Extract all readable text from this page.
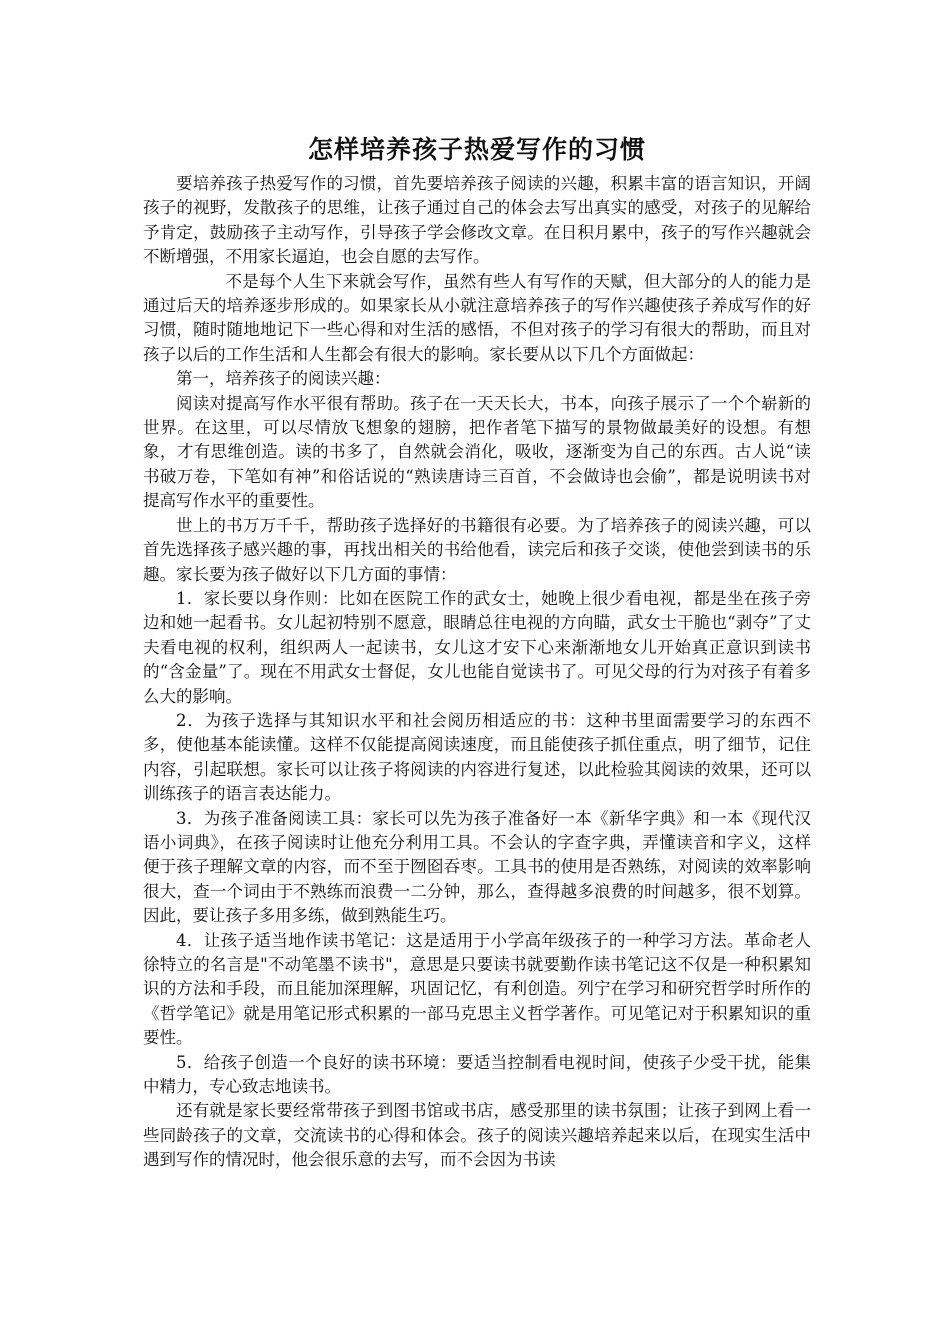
怎样培养孩子热爱写作的习惯

要培养孩子热爱写作的习惯，首先要培养孩子阅读的兴趣，积累丰富的语言知识，开阔孩子的视野，发散孩子的思维，让孩子通过自己的体会去写出真实的感受，对孩子的见解给予肯定，鼓励孩子主动写作，引导孩子学会修改文章。在日积月累中，孩子的写作兴趣就会不断增强，不用家长逼迫，也会自愿的去写作。

不是每个人生下来就会写作，虽然有些人有写作的天赋，但大部分的人的能力是通过后天的培养逐步形成的。如果家长从小就注意培养孩子的写作兴趣使孩子养成写作的好习惯，随时随地地记下一些心得和对生活的感悟，不但对孩子的学习有很大的帮助，而且对孩子以后的工作生活和人生都会有很大的影响。家长要从以下几个方面做起：

第一，培养孩子的阅读兴趣：

阅读对提高写作水平很有帮助。孩子在一天天长大，书本，向孩子展示了一个个崭新的世界。在这里，可以尽情放飞想象的翅膀，把作者笔下描写的景物做最美好的设想。有想象，才有思维创造。读的书多了，自然就会消化，吸收，逐渐变为自己的东西。古人说“读书破万卷，下笔如有神”和俗话说的“熟读唐诗三百首，不会做诗也会偷”，都是说明读书对提高写作水平的重要性。

世上的书万万千千，帮助孩子选择好的书籍很有必要。为了培养孩子的阅读兴趣，可以首先选择孩子感兴趣的事，再找出相关的书给他看，读完后和孩子交谈，使他尝到读书的乐趣。家长要为孩子做好以下几方面的事情：

1．家长要以身作则：比如在医院工作的武女士，她晚上很少看电视，都是坐在孩子旁边和她一起看书。女儿起初特别不愿意，眼睛总往电视的方向瞄，武女士干脆也“剥夺”了丈夫看电视的权利，组织两人一起读书，女儿这才安下心来渐渐地女儿开始真正意识到读书的“含金量”了。现在不用武女士督促，女儿也能自觉读书了。可见父母的行为对孩子有着多么大的影响。

2．为孩子选择与其知识水平和社会阅历相适应的书：这种书里面需要学习的东西不多，使他基本能读懂。这样不仅能提高阅读速度，而且能使孩子抓住重点，明了细节，记住内容，引起联想。家长可以让孩子将阅读的内容进行复述，以此检验其阅读的效果，还可以训练孩子的语言表达能力。

3．为孩子准备阅读工具：家长可以先为孩子准备好一本《新华字典》和一本《现代汉语小词典》，在孩子阅读时让他充分利用工具。不会认的字查字典，弄懂读音和字义，这样便于孩子理解文章的内容，而不至于囫囵吞枣。工具书的使用是否熟练，对阅读的效率影响很大，查一个词由于不熟练而浪费一二分钟，那么，查得越多浪费的时间越多，很不划算。因此，要让孩子多用多练，做到熟能生巧。

4．让孩子适当地作读书笔记：这是适用于小学高年级孩子的一种学习方法。革命老人徐特立的名言是"不动笔墨不读书"，意思是只要读书就要勤作读书笔记这不仅是一种积累知识的方法和手段，而且能加深理解，巩固记忆，有利创造。列宁在学习和研究哲学时所作的《哲学笔记》就是用笔记形式积累的一部马克思主义哲学著作。可见笔记对于积累知识的重要性。

5．给孩子创造一个良好的读书环境：要适当控制看电视时间，使孩子少受干扰，能集中精力，专心致志地读书。

还有就是家长要经常带孩子到图书馆或书店，感受那里的读书氛围；让孩子到网上看一些同龄孩子的文章，交流读书的心得和体会。孩子的阅读兴趣培养起来以后，在现实生活中遇到写作的情况时，他会很乐意的去写，而不会因为书读
